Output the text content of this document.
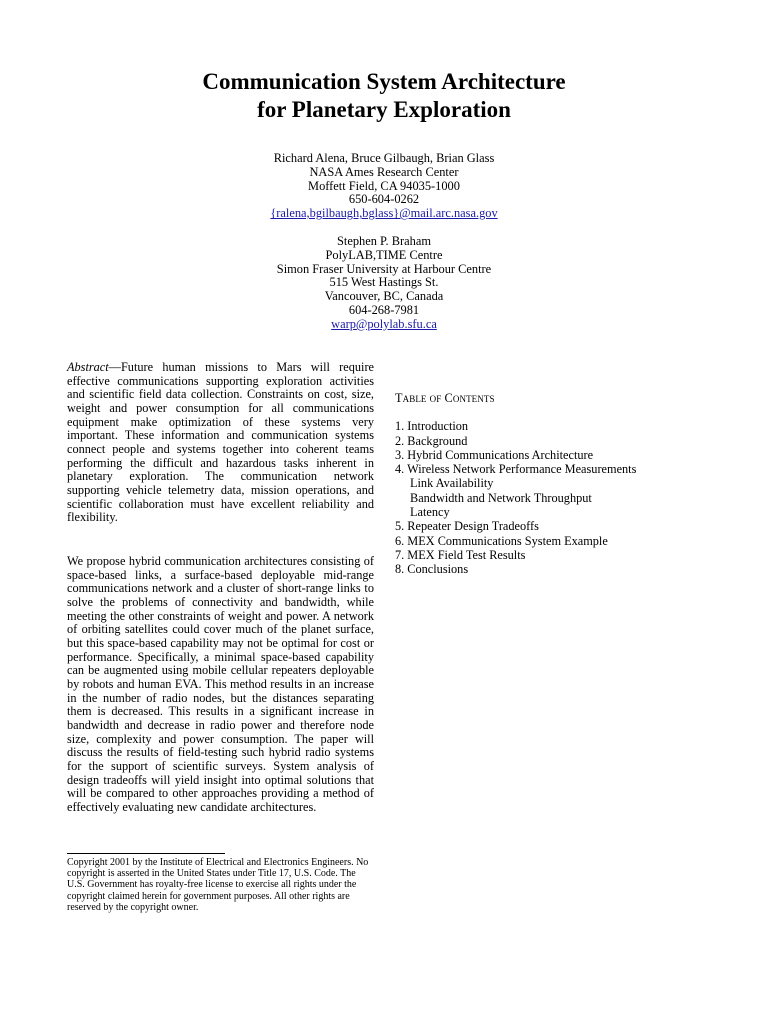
Communication System Architecture
for Planetary Exploration
Richard Alena, Bruce Gilbaugh, Brian Glass
NASA Ames Research Center
Moffett Field, CA 94035-1000
650-604-0262
{ralena,bgilbaugh,bglass}@mail.arc.nasa.gov
Stephen P. Braham
PolyLAB,TIME Centre
Simon Fraser University at Harbour Centre
515 West Hastings St.
Vancouver, BC, Canada
604-268-7981
warp@polylab.sfu.ca

Abstract—Future human missions to Mars will require effective communications supporting exploration activities and scientific field data collection. Constraints on cost, size, weight and power consumption for all communications equipment make optimization of these systems very important. These information and communication systems connect people and systems together into coherent teams performing the difficult and hazardous tasks inherent in planetary exploration. The communication network supporting vehicle telemetry data, mission operations, and scientific collaboration must have excellent reliability and flexibility.

We propose hybrid communication architectures consisting of space-based links, a surface-based deployable mid-range communications network and a cluster of short-range links to solve the problems of connectivity and bandwidth, while meeting the other constraints of weight and power. A network of orbiting satellites could cover much of the planet surface, but this space-based capability may not be optimal for cost or performance. Specifically, a minimal space-based capability can be augmented using mobile cellular repeaters deployable by robots and human EVA. This method results in an increase in the number of radio nodes, but the distances separating them is decreased. This results in a significant increase in bandwidth and decrease in radio power and therefore node size, complexity and power consumption. The paper will discuss the results of field-testing such hybrid radio systems for the support of scientific surveys. System analysis of design tradeoffs will yield insight into optimal solutions that will be compared to other approaches providing a method of effectively evaluating new candidate architectures.

Table of Contents
1. Introduction
2. Background
3. Hybrid Communications Architecture
4. Wireless Network Performance Measurements
Link Availability
Bandwidth and Network Throughput
Latency
5. Repeater Design Tradeoffs
6. MEX Communications System Example
7. MEX Field Test Results
8. Conclusions
Copyright 2001 by the Institute of Electrical and Electronics Engineers. No
copyright is asserted in the United States under Title 17, U.S. Code. The
U.S. Government has royalty-free license to exercise all rights under the
copyright claimed herein for government purposes. All other rights are
reserved by the copyright owner.
